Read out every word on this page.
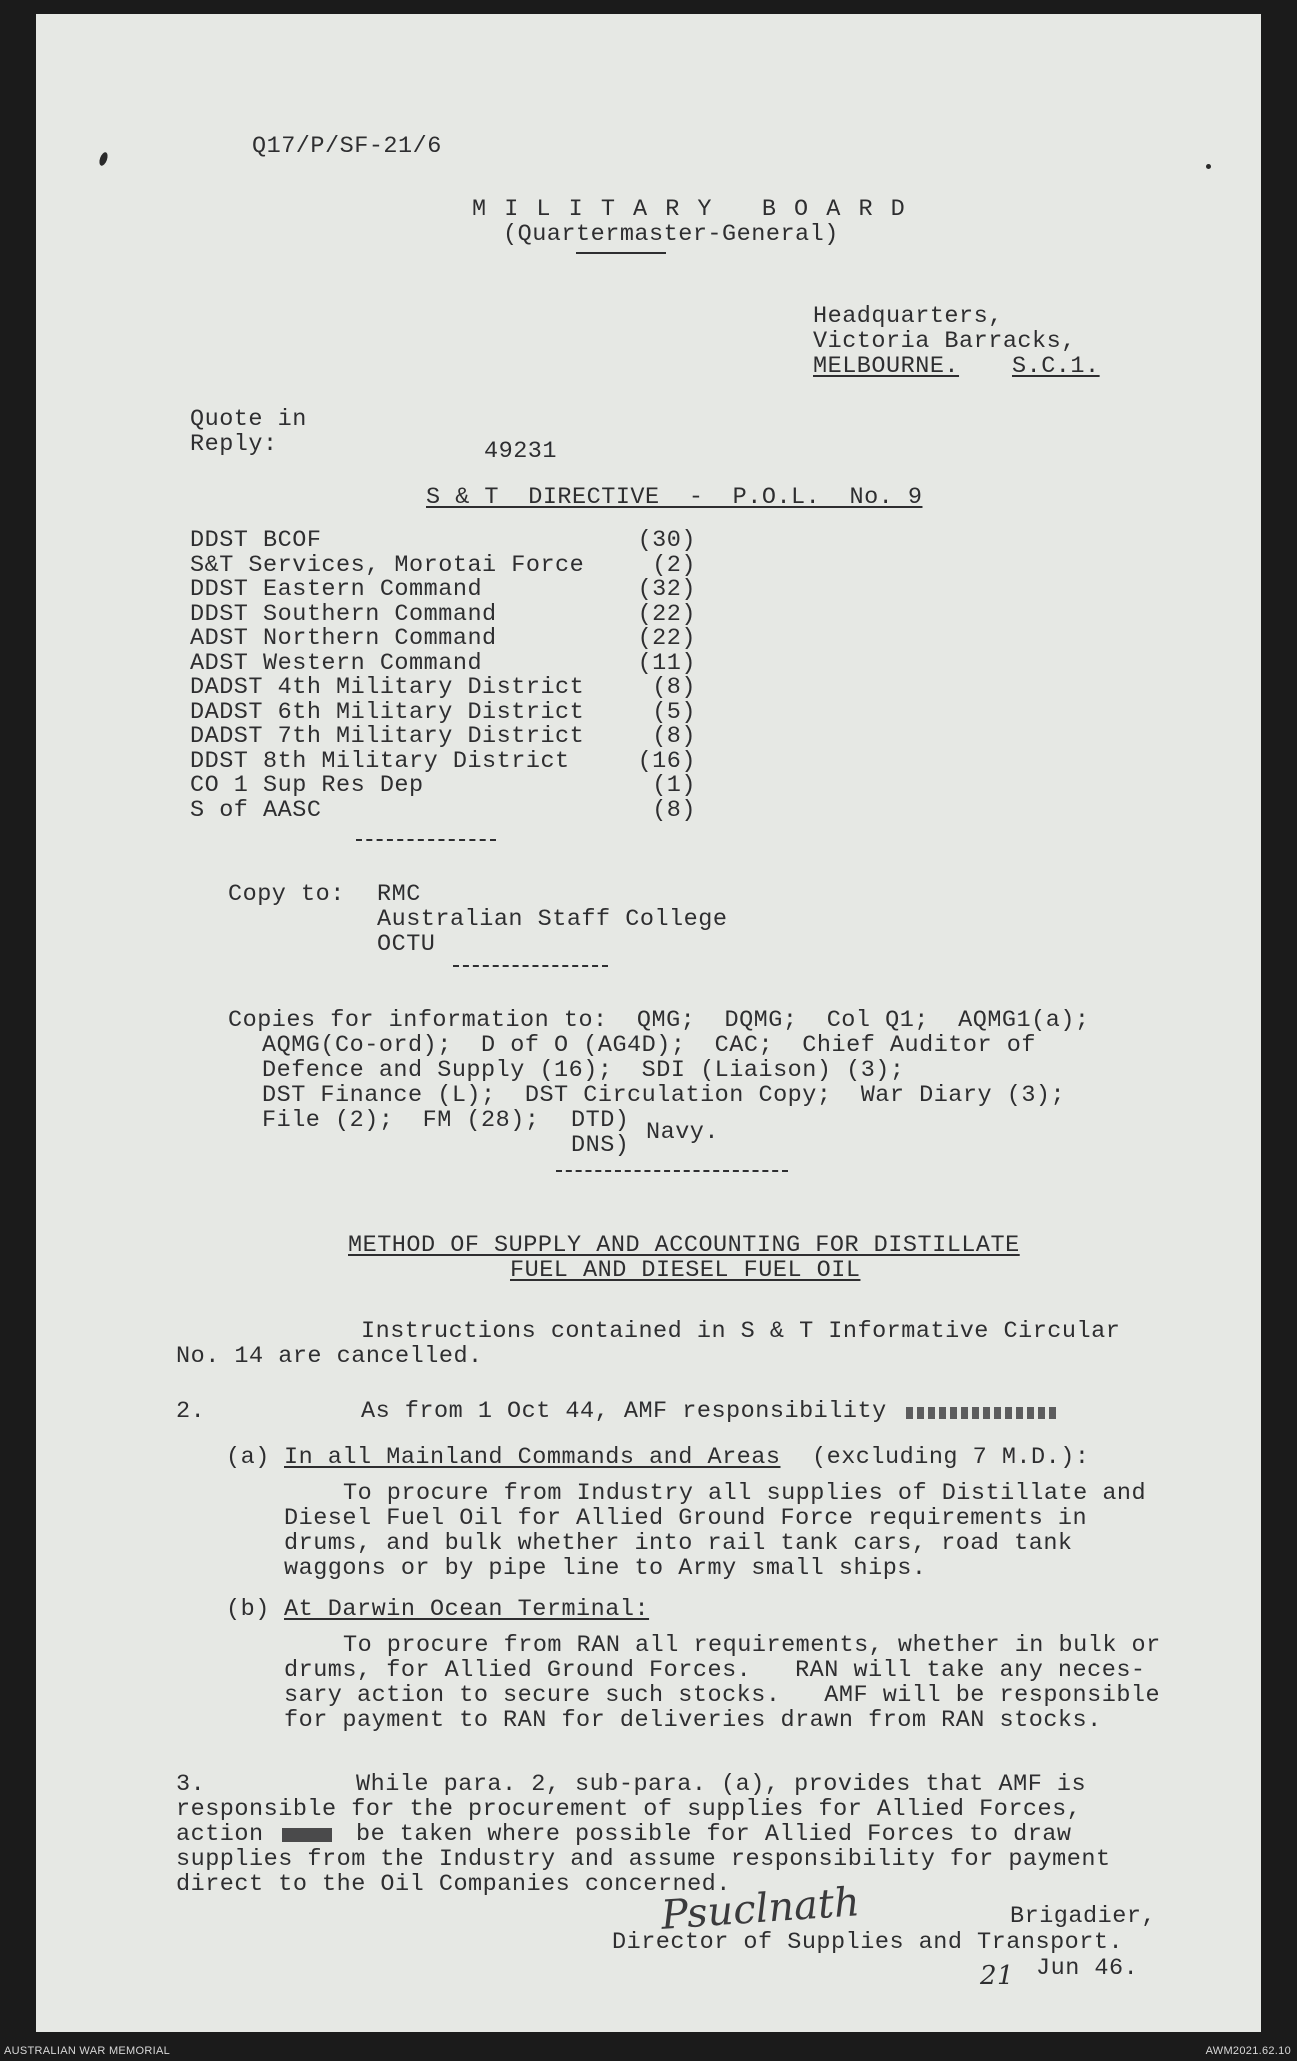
Q17/P/SF-21/6
M I L I T A R Y   B O A R D
(Quartermaster-General)
Headquarters,
Victoria Barracks,
MELBOURNE. S.C.1.
Quote in
Reply:	49231
S & T  DIRECTIVE  -  P.O.L.  No. 9
DDST BCOF	(30)
S&T Services, Morotai Force	(2)
DDST Eastern Command	(32)
DDST Southern Command	(22)
ADST Northern Command	(22)
ADST Western Command	(11)
DADST 4th Military District	(8)
DADST 6th Military District	(5)
DADST 7th Military District	(8)
DDST 8th Military District	(16)
CO 1 Sup Res Dep	(1)
S of AASC	(8)
Copy to: RMC
Australian Staff College
OCTU
Copies for information to:  QMG;  DQMG;  Col Q1;  AQMG1(a);
AQMG(Co-ord);  D of O (AG4D);  CAC;  Chief Auditor of
Defence and Supply (16);  SDI (Liaison) (3);
DST Finance (L);  DST Circulation Copy;  War Diary (3);
File (2);  FM (28); DTD)
DNS) Navy.
METHOD OF SUPPLY AND ACCOUNTING FOR DISTILLATE
FUEL AND DIESEL FUEL OIL
Instructions contained in S & T Informative Circular
No. 14 are cancelled.
2.	As from 1 Oct 44, AMF responsibility
(a) In all Mainland Commands and Areas (excluding 7 M.D.):
To procure from Industry all supplies of Distillate and
Diesel Fuel Oil for Allied Ground Force requirements in
drums, and bulk whether into rail tank cars, road tank
waggons or by pipe line to Army small ships.
(b) At Darwin Ocean Terminal:
To procure from RAN all requirements, whether in bulk or
drums, for Allied Ground Forces.   RAN will take any neces-
sary action to secure such stocks.   AMF will be responsible
for payment to RAN for deliveries drawn from RAN stocks.
3.	While para. 2, sub-para. (a), provides that AMF is
responsible for the procurement of supplies for Allied Forces,
action	be taken where possible for Allied Forces to draw
supplies from the Industry and assume responsibility for payment
direct to the Oil Companies concerned.
Psuclnath	Brigadier,
Director of Supplies and Transport.
21 Jun 46.
AUSTRALIAN WAR MEMORIAL	AWM2021.62.10
